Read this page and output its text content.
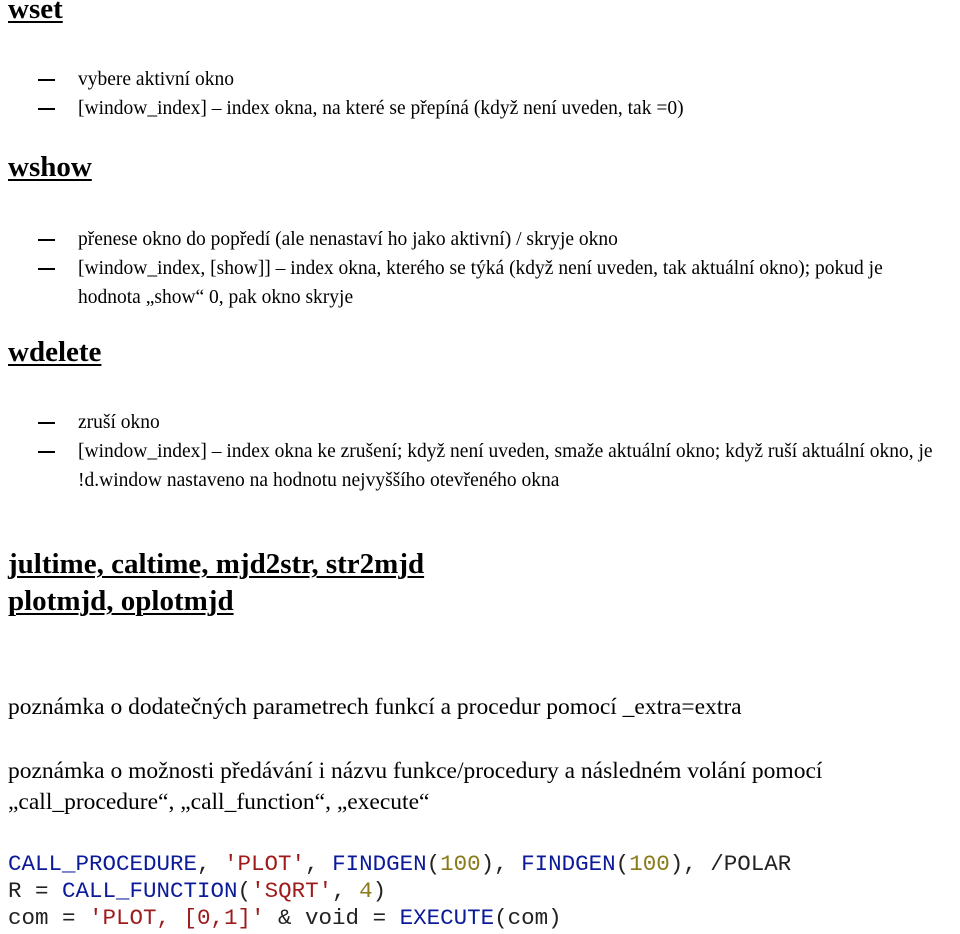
wset
vybere aktivní okno
[window_index] – index okna, na které se přepíná (když není uveden, tak =0)
wshow
přenese okno do popředí (ale nenastaví ho jako aktivní) / skryje okno
[window_index, [show]] – index okna, kterého se týká (když není uveden, tak aktuální okno); pokud je hodnota „show“ 0, pak okno skryje
wdelete
zruší okno
[window_index] – index okna ke zrušení; když není uveden, smaže aktuální okno; když ruší aktuální okno, je !d.window nastaveno na hodnotu nejvyššího otevřeného okna
jultime, caltime, mjd2str, str2mjd
plotmjd, oplotmjd

poznámka o dodatečných parametrech funkcí a procedur pomocí _extra=extra

poznámka o možnosti předávání i názvu funkce/procedury a následném volání pomocí

„call_procedure“, „call_function“, „execute“

CALL_PROCEDURE, 'PLOT', FINDGEN(100), FINDGEN(100), /POLAR
R = CALL_FUNCTION('SQRT', 4)
com = 'PLOT, [0,1]' & void = EXECUTE(com)
